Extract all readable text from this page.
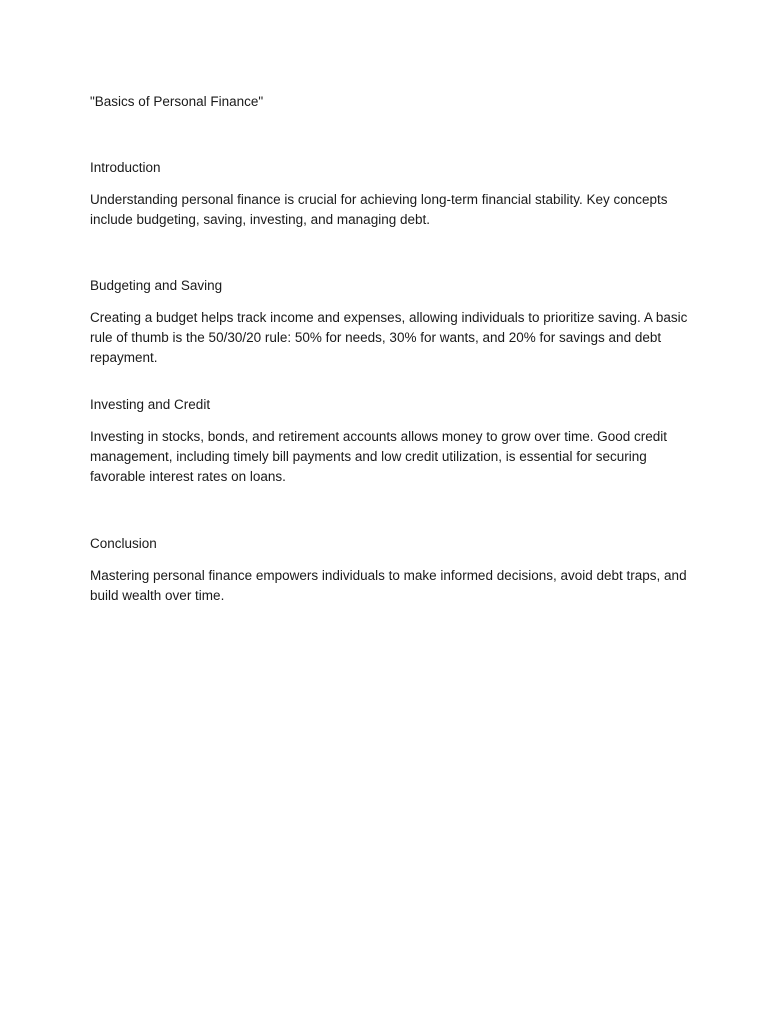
"Basics of Personal Finance"
Introduction

Understanding personal finance is crucial for achieving long-term financial stability. Key concepts include budgeting, saving, investing, and managing debt.

Budgeting and Saving

Creating a budget helps track income and expenses, allowing individuals to prioritize saving. A basic rule of thumb is the 50/30/20 rule: 50% for needs, 30% for wants, and 20% for savings and debt repayment.

Investing and Credit

Investing in stocks, bonds, and retirement accounts allows money to grow over time. Good credit management, including timely bill payments and low credit utilization, is essential for securing favorable interest rates on loans.

Conclusion

Mastering personal finance empowers individuals to make informed decisions, avoid debt traps, and build wealth over time.
